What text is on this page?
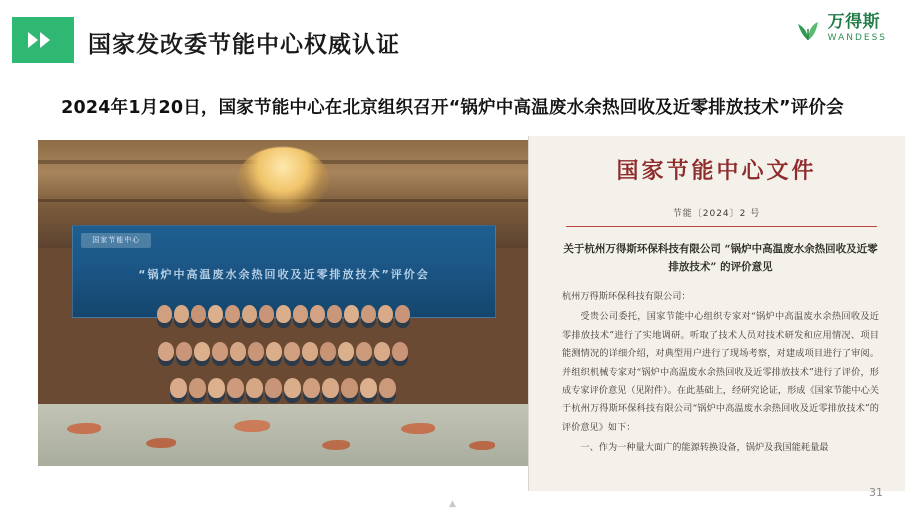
国家发改委节能中心权威认证
万得斯
WANDESS
2024年1月20日，国家节能中心在北京组织召开“锅炉中高温废水余热回收及近零排放技术”评价会
国家节能中心
“锅炉中高温废水余热回收及近零排放技术”评价会
国家节能中心文件
节能〔2024〕2 号
关于杭州万得斯环保科技有限公司 “锅炉中高温废水余热回收及近零排放技术” 的评价意见

杭州万得斯环保科技有限公司：

受贵公司委托，国家节能中心组织专家对“锅炉中高温废水余热回收及近零排放技术”进行了实地调研。听取了技术人员对技术研发和应用情况、项目能测情况的详细介绍，对典型用户进行了现场考察，对建成项目进行了审阅。并组织机械专家对“锅炉中高温废水余热回收及近零排放技术”进行了评价，形成专家评价意见（见附件）。在此基础上，经研究论证，形成《国家节能中心关于杭州万得斯环保科技有限公司“锅炉中高温废水余热回收及近零排放技术”的评价意见》如下：

一、作为一种量大面广的能源转换设备，锅炉及我国能耗量最

31
▲
